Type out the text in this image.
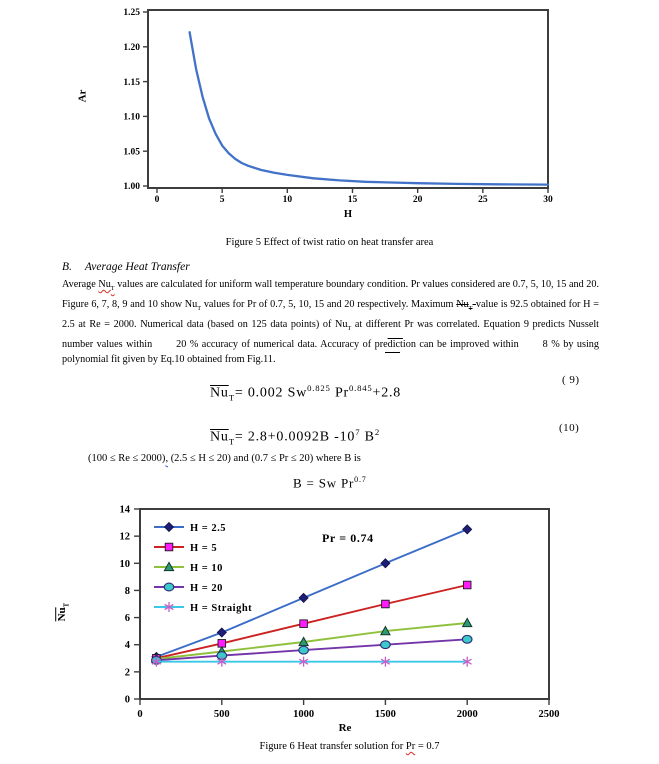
1.00
1.05
1.10
1.15
1.20
1.25
0	5	10	15	20	25	30
H
Ar
Figure 5 Effect of twist ratio on heat transfer area
B. Average Heat Transfer
Average $Nu_T$ values are calculated for uniform wall temperature boundary condition. Pr values considered are 0.7, 5, 10, 15 and 20. Figure 6, 7, 8, 9 and 10 show $Nu_T$ values for Pr of 0.7, 5, 10, 15 and 20 respectively. Maximum $Nu_T$-value is 92.5 obtained for H = 2.5 at Re = 2000. Numerical data (based on 125 data points) of $Nu_T$ at different Pr was correlated. Equation 9 predicts Nusselt number values within  20 % accuracy of numerical data. Accuracy of prediction can be improved within  8 % by using polynomial fit given by Eq.10 obtained from Fig.11.
$\overline{Nu}_T= 0.002$ $Sw^{0.825}$ $Pr^{0.845}+2.8$
( 9)
$\overline{Nu}_T= 2.8+0.0092B$ $-10^7$ $B^2$	(10)
(100 ≤ Re ≤ 2000), (2.5 ≤ H ≤ 20) and (0.7 ≤ Pr ≤ 20) where B is
B = Sw $Pr^{0.7}$
0
2
4
6
8
10
12
14
0	500	1000	1500	2000	2500
Re
H = 2.5
H = 5
H = 10
H = 20
H = Straight
Pr = 0.74
$\overline{Nu}_T$
Figure 6 Heat transfer solution for Pr = 0.7
